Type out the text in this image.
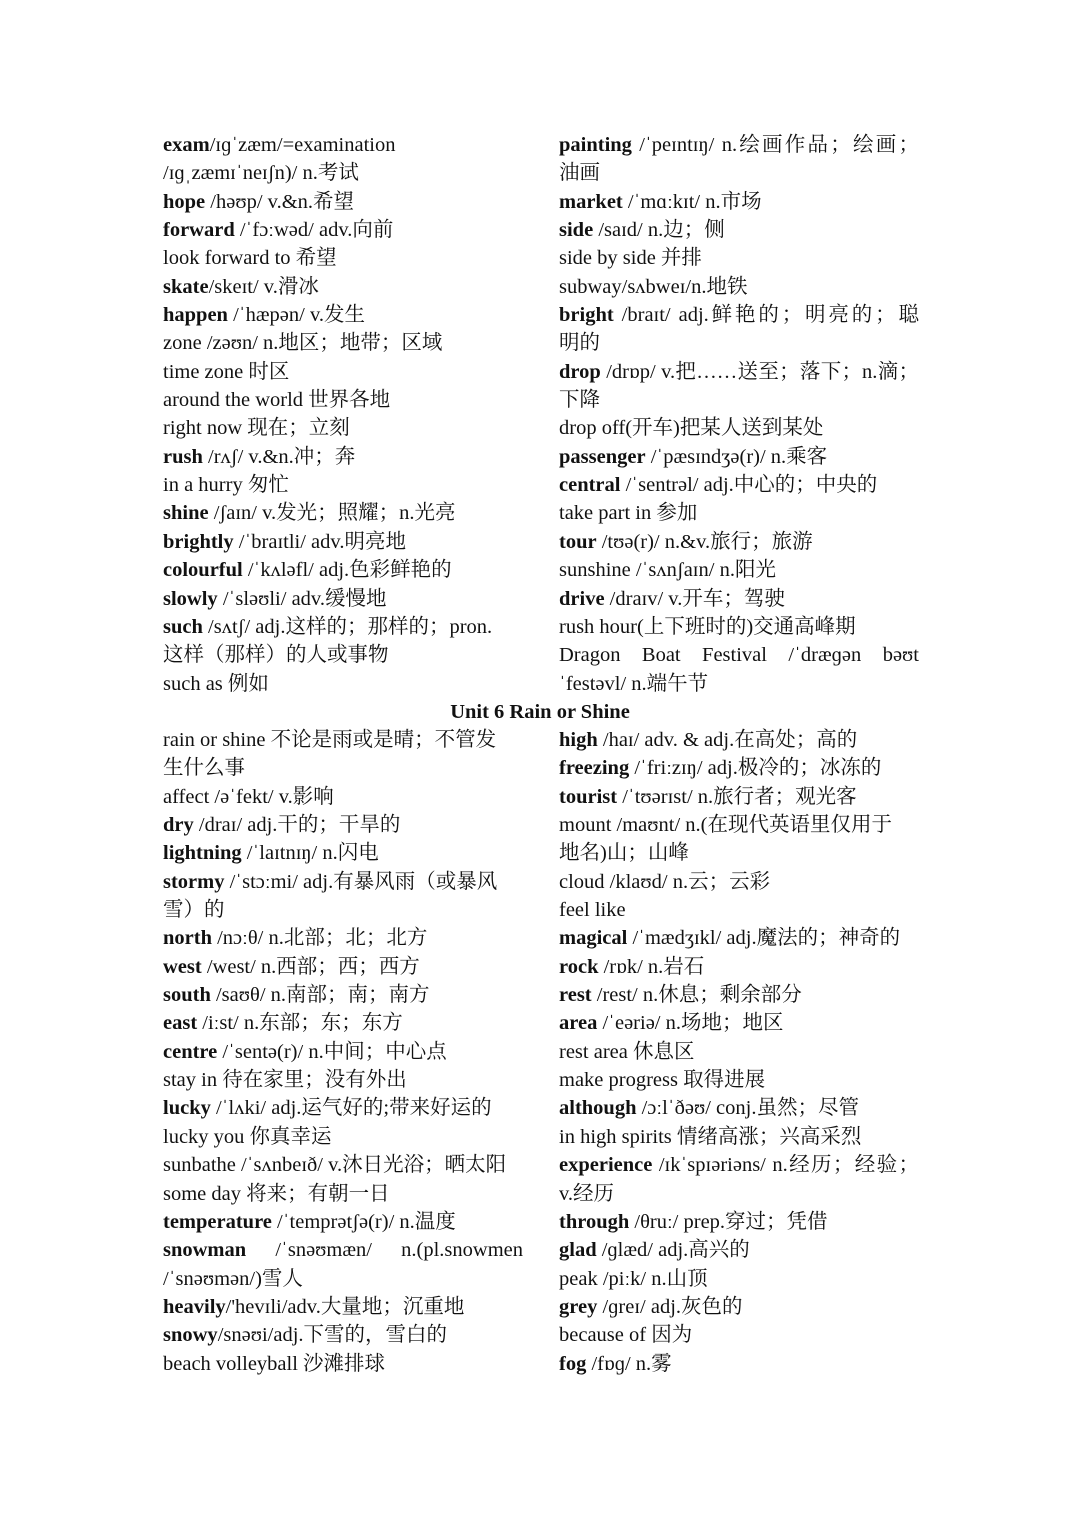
exam/ɪɡˈzæm/=examination
/ɪɡˌzæmɪˈneɪʃn)/ n.考试
hope /həʊp/ v.&n.希望
forward /ˈfɔːwəd/ adv.向前
look forward to 希望
skate/skeɪt/ v.滑冰
happen /ˈhæpən/ v.发生
zone /zəʊn/ n.地区；地带；区域
time zone 时区
around the world 世界各地
right now 现在；立刻
rush /rʌʃ/ v.&n.冲；奔
in a hurry 匆忙
shine /ʃaɪn/ v.发光；照耀；n.光亮
brightly /ˈbraɪtli/ adv.明亮地
colourful /ˈkʌləfl/ adj.色彩鲜艳的
slowly /ˈsləʊli/ adv.缓慢地
such /sʌtʃ/ adj.这样的；那样的；pron.
这样（那样）的人或事物
such as 例如
painting /ˈpeɪntɪŋ/ n.绘画作品；绘画；
油画
market /ˈmɑːkɪt/ n.市场
side /saɪd/ n.边；侧
side by side 并排
subway/sʌbweɪ/n.地铁
bright /braɪt/ adj.鲜艳的；明亮的；聪
明的
drop /drɒp/ v.把……送至；落下；n.滴；
下降
drop off(开车)把某人送到某处
passenger /ˈpæsɪndʒə(r)/ n.乘客
central /ˈsentrəl/ adj.中心的；中央的
take part in 参加
tour /tʊə(r)/ n.&v.旅行；旅游
sunshine /ˈsʌnʃaɪn/ n.阳光
drive /draɪv/ v.开车；驾驶
rush hour(上下班时的)交通高峰期
Dragon Boat Festival /ˈdræɡən bəʊt
ˈfestəvl/ n.端午节
Unit 6 Rain or Shine
rain or shine 不论是雨或是晴；不管发
生什么事
affect /əˈfekt/ v.影响
dry /draɪ/ adj.干的；干旱的
lightning /ˈlaɪtnɪŋ/ n.闪电
stormy /ˈstɔːmi/ adj.有暴风雨（或暴风
雪）的
north /nɔːθ/ n.北部；北；北方
west /west/ n.西部；西；西方
south /saʊθ/ n.南部；南；南方
east /iːst/ n.东部；东；东方
centre /ˈsentə(r)/ n.中间；中心点
stay in 待在家里；没有外出
lucky /ˈlʌki/ adj.运气好的;带来好运的
lucky you 你真幸运
sunbathe /ˈsʌnbeɪð/ v.沐日光浴；晒太阳
some day 将来；有朝一日
temperature /ˈtemprətʃə(r)/ n.温度
snowman /ˈsnəʊmæn/ n.(pl.snowmen
/ˈsnəʊmən/)雪人
heavily/'hevɪli/adv.大量地；沉重地
snowy/snəʊi/adj.下雪的，雪白的
beach volleyball 沙滩排球
high /haɪ/ adv. & adj.在高处；高的
freezing /ˈfriːzɪŋ/ adj.极冷的；冰冻的
tourist /ˈtʊərɪst/ n.旅行者；观光客
mount /maʊnt/ n.(在现代英语里仅用于
地名)山；山峰
cloud /klaʊd/ n.云；云彩
feel like
magical /ˈmædʒɪkl/ adj.魔法的；神奇的
rock /rɒk/ n.岩石
rest /rest/ n.休息；剩余部分
area /ˈeəriə/ n.场地；地区
rest area 休息区
make progress 取得进展
although /ɔːlˈðəʊ/ conj.虽然；尽管
in high spirits 情绪高涨；兴高采烈
experience /ɪkˈspɪəriəns/ n.经历；经验；
v.经历
through /θruː/ prep.穿过；凭借
glad /ɡlæd/ adj.高兴的
peak /piːk/ n.山顶
grey /ɡreɪ/ adj.灰色的
because of 因为
fog /fɒɡ/ n.雾
